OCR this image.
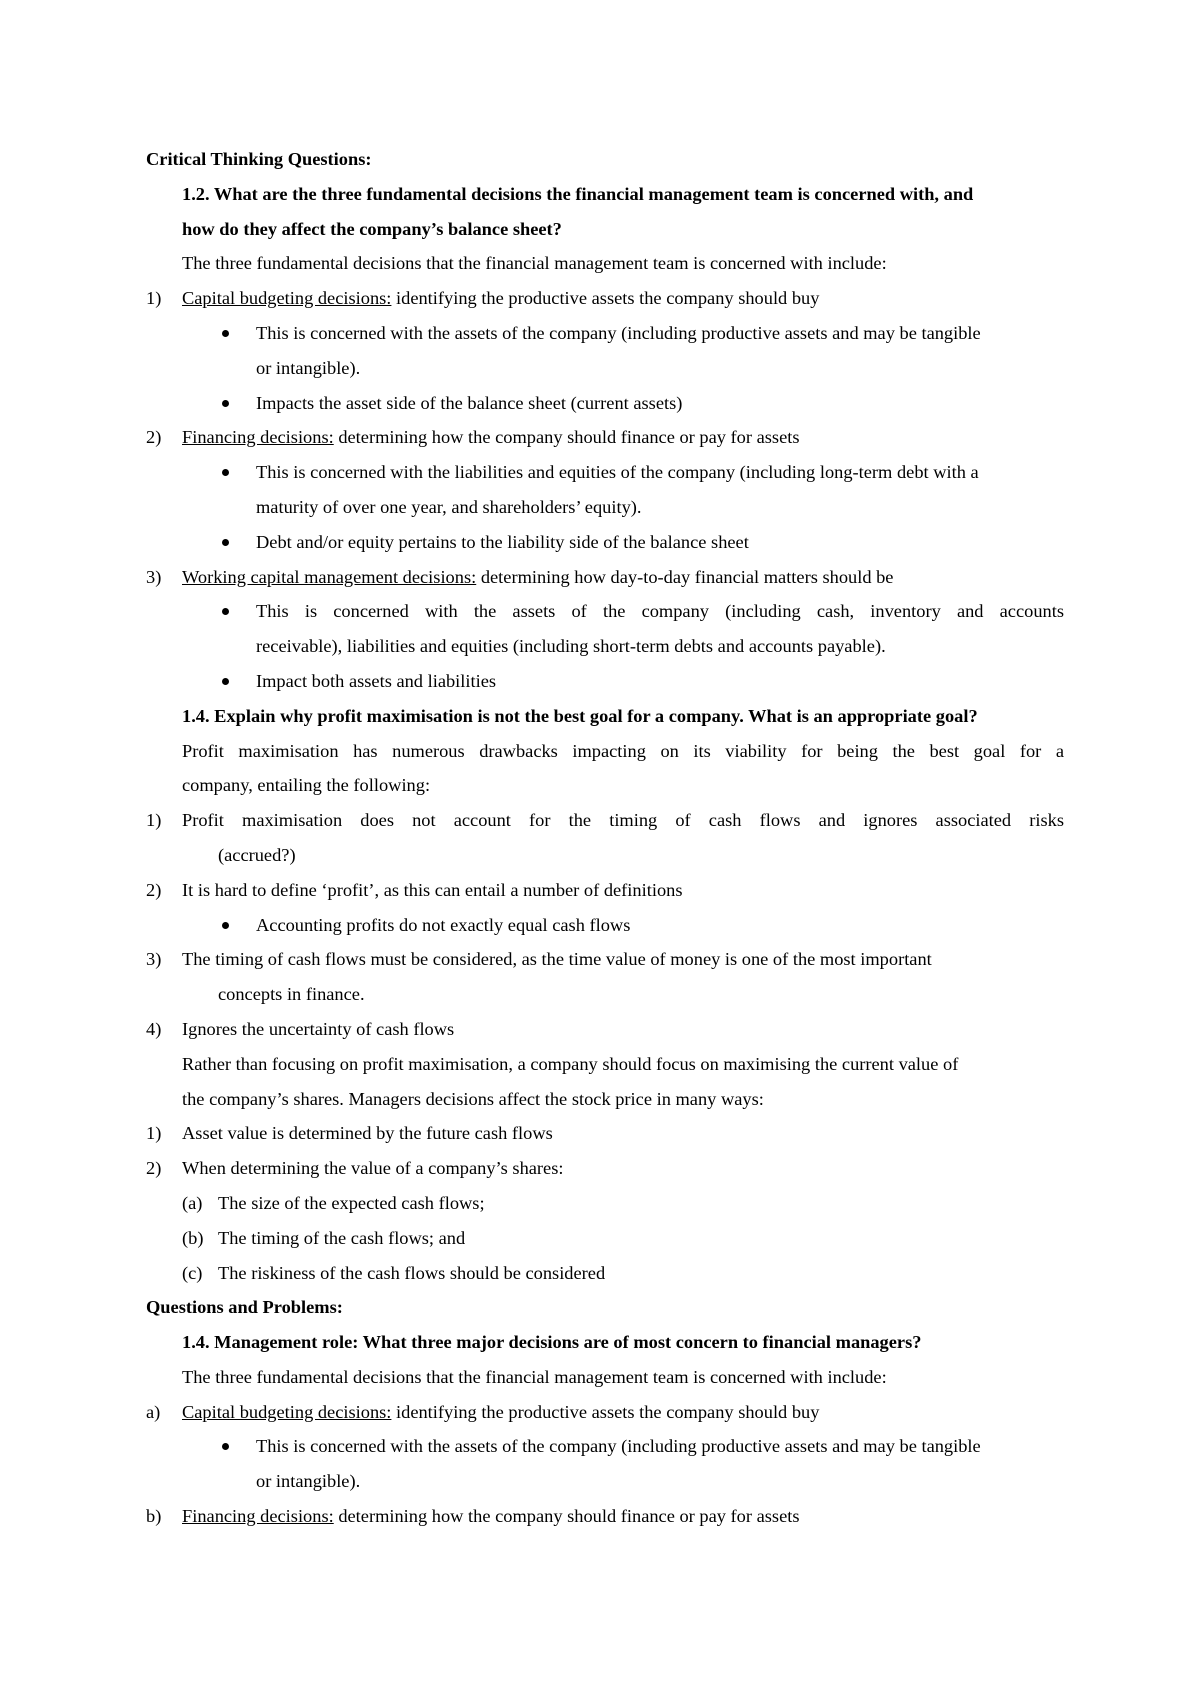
Critical Thinking Questions:
1.2. What are the three fundamental decisions the financial management team is concerned with, and
how do they affect the company’s balance sheet?
The three fundamental decisions that the financial management team is concerned with include:
1) Capital budgeting decisions: identifying the productive assets the company should buy
This is concerned with the assets of the company (including productive assets and may be tangible
or intangible).
Impacts the asset side of the balance sheet (current assets)
2) Financing decisions: determining how the company should finance or pay for assets
This is concerned with the liabilities and equities of the company (including long-term debt with a
maturity of over one year, and shareholders’ equity).
Debt and/or equity pertains to the liability side of the balance sheet
3) Working capital management decisions: determining how day-to-day financial matters should be
This is concerned with the assets of the company (including cash, inventory and accounts
receivable), liabilities and equities (including short-term debts and accounts payable).
Impact both assets and liabilities
1.4. Explain why profit maximisation is not the best goal for a company. What is an appropriate goal?
Profit maximisation has numerous drawbacks impacting on its viability for being the best goal for a
company, entailing the following:
1) Profit maximisation does not account for the timing of cash flows and ignores associated risks
(accrued?)
2) It is hard to define ‘profit’, as this can entail a number of definitions
Accounting profits do not exactly equal cash flows
3) The timing of cash flows must be considered, as the time value of money is one of the most important
concepts in finance.
4) Ignores the uncertainty of cash flows
Rather than focusing on profit maximisation, a company should focus on maximising the current value of
the company’s shares. Managers decisions affect the stock price in many ways:
1) Asset value is determined by the future cash flows
2) When determining the value of a company’s shares:
(a) The size of the expected cash flows;
(b) The timing of the cash flows; and
(c) The riskiness of the cash flows should be considered
Questions and Problems:
1.4. Management role: What three major decisions are of most concern to financial managers?
The three fundamental decisions that the financial management team is concerned with include:
a) Capital budgeting decisions: identifying the productive assets the company should buy
This is concerned with the assets of the company (including productive assets and may be tangible
or intangible).
b) Financing decisions: determining how the company should finance or pay for assets
